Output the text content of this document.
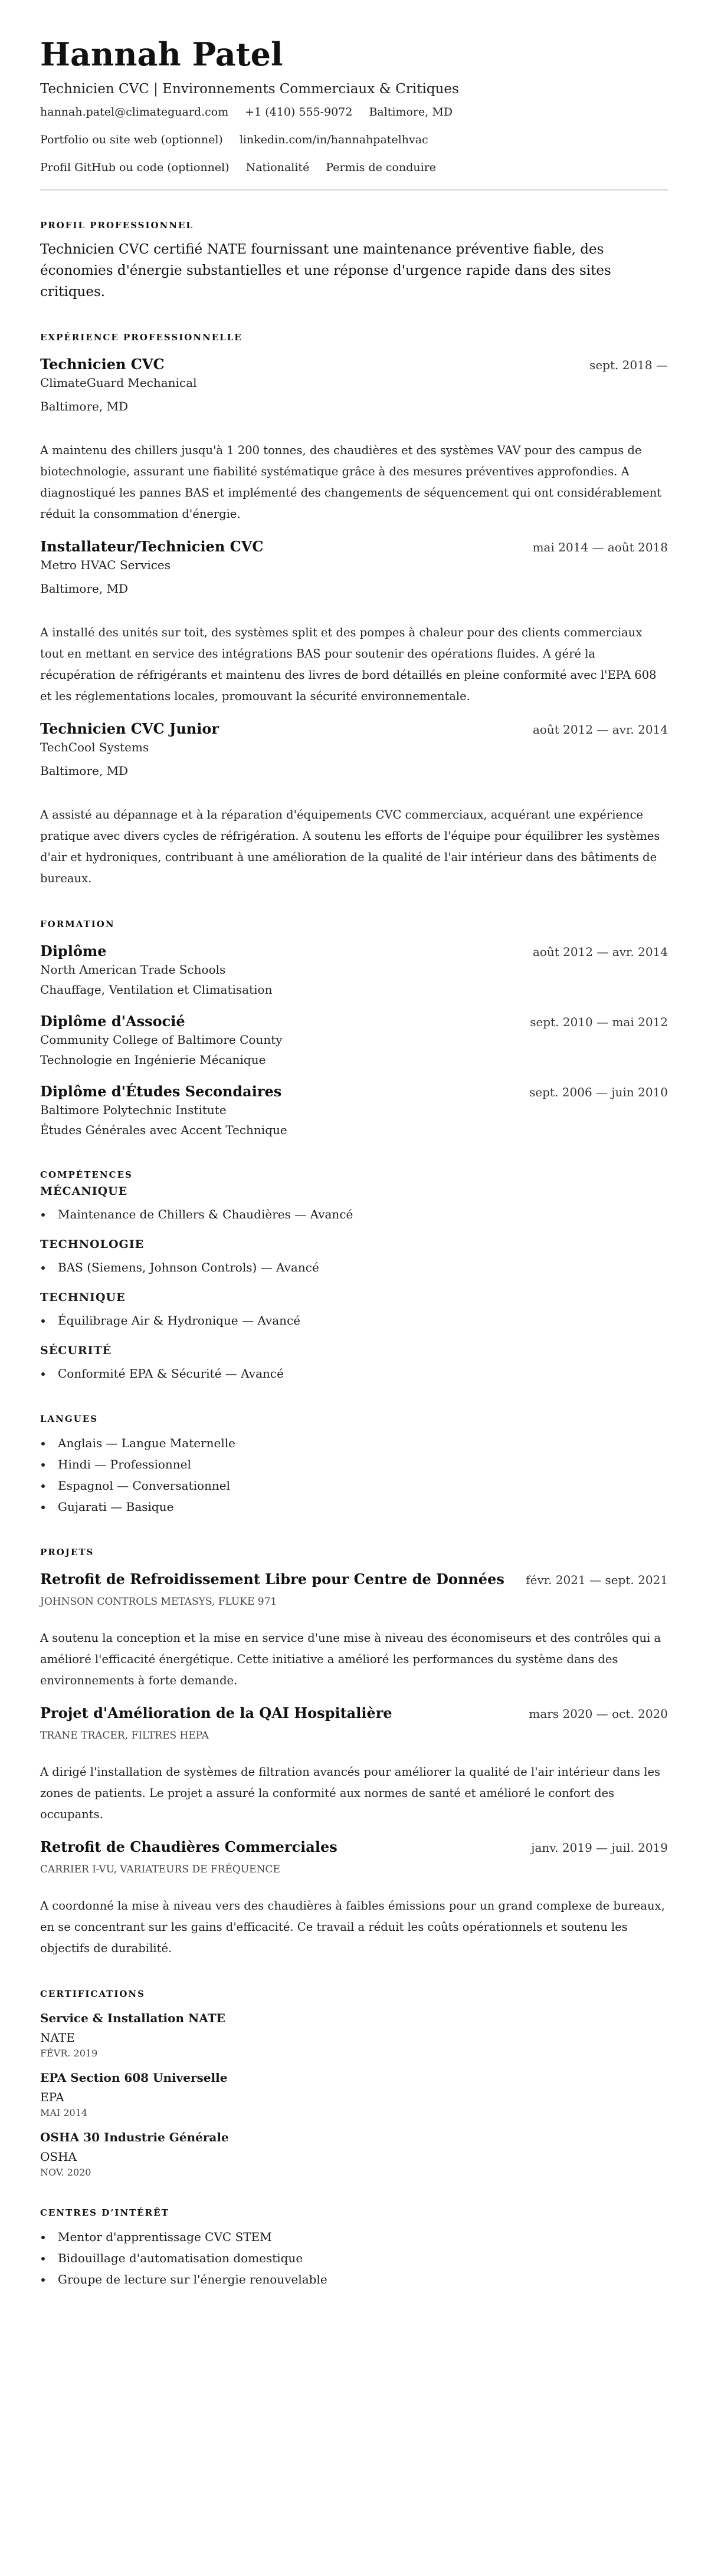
Hannah Patel
Technicien CVC | Environnements Commerciaux & Critiques
hannah.patel@climateguard.com +1 (410) 555-9072 Baltimore, MD
Portfolio ou site web (optionnel) linkedin.com/in/hannahpatelhvac
Profil GitHub ou code (optionnel) Nationalité Permis de conduire
PROFIL PROFESSIONNEL

Technicien CVC certifié NATE fournissant une maintenance préventive fiable, des économies d'énergie substantielles et une réponse d'urgence rapide dans des sites critiques.

EXPÉRIENCE PROFESSIONNELLE
Technicien CVC	sept. 2018 —
ClimateGuard Mechanical
Baltimore, MD

A maintenu des chillers jusqu'à 1 200 tonnes, des chaudières et des systèmes VAV pour des campus de biotechnologie, assurant une fiabilité systématique grâce à des mesures préventives approfondies. A diagnostiqué les pannes BAS et implémenté des changements de séquencement qui ont considérablement réduit la consommation d'énergie.

Installateur/Technicien CVC	mai 2014 — août 2018
Metro HVAC Services
Baltimore, MD

A installé des unités sur toit, des systèmes split et des pompes à chaleur pour des clients commerciaux tout en mettant en service des intégrations BAS pour soutenir des opérations fluides. A géré la récupération de réfrigérants et maintenu des livres de bord détaillés en pleine conformité avec l'EPA 608 et les réglementations locales, promouvant la sécurité environnementale.

Technicien CVC Junior	août 2012 — avr. 2014
TechCool Systems
Baltimore, MD

A assisté au dépannage et à la réparation d'équipements CVC commerciaux, acquérant une expérience pratique avec divers cycles de réfrigération. A soutenu les efforts de l'équipe pour équilibrer les systèmes d'air et hydroniques, contribuant à une amélioration de la qualité de l'air intérieur dans des bâtiments de bureaux.

FORMATION
Diplôme	août 2012 — avr. 2014
North American Trade Schools
Chauffage, Ventilation et Climatisation
Diplôme d'Associé	sept. 2010 — mai 2012
Community College of Baltimore County
Technologie en Ingénierie Mécanique
Diplôme d'Études Secondaires	sept. 2006 — juin 2010
Baltimore Polytechnic Institute
Études Générales avec Accent Technique
COMPÉTENCES
MÉCANIQUE
Maintenance de Chillers & Chaudières — Avancé
TECHNOLOGIE
BAS (Siemens, Johnson Controls) — Avancé
TECHNIQUE
Équilibrage Air & Hydronique — Avancé
SÉCURITÉ
Conformité EPA & Sécurité — Avancé
LANGUES
Anglais — Langue Maternelle
Hindi — Professionnel
Espagnol — Conversationnel
Gujarati — Basique
PROJETS
Retrofit de Refroidissement Libre pour Centre de Données févr. 2021 — sept. 2021
JOHNSON CONTROLS METASYS, FLUKE 971

A soutenu la conception et la mise en service d'une mise à niveau des économiseurs et des contrôles qui a amélioré l'efficacité énergétique. Cette initiative a amélioré les performances du système dans des environnements à forte demande.

Projet d'Amélioration de la QAI Hospitalière	mars 2020 — oct. 2020
TRANE TRACER, FILTRES HEPA

A dirigé l'installation de systèmes de filtration avancés pour améliorer la qualité de l'air intérieur dans les zones de patients. Le projet a assuré la conformité aux normes de santé et amélioré le confort des occupants.

Retrofit de Chaudières Commerciales	janv. 2019 — juil. 2019
CARRIER I-VU, VARIATEURS DE FRÉQUENCE

A coordonné la mise à niveau vers des chaudières à faibles émissions pour un grand complexe de bureaux, en se concentrant sur les gains d'efficacité. Ce travail a réduit les coûts opérationnels et soutenu les objectifs de durabilité.

CERTIFICATIONS
Service & Installation NATE
NATE
FÉVR. 2019
EPA Section 608 Universelle
EPA
MAI 2014
OSHA 30 Industrie Générale
OSHA
NOV. 2020
CENTRES D’INTÉRÊT
Mentor d'apprentissage CVC STEM
Bidouillage d'automatisation domestique
Groupe de lecture sur l'énergie renouvelable
